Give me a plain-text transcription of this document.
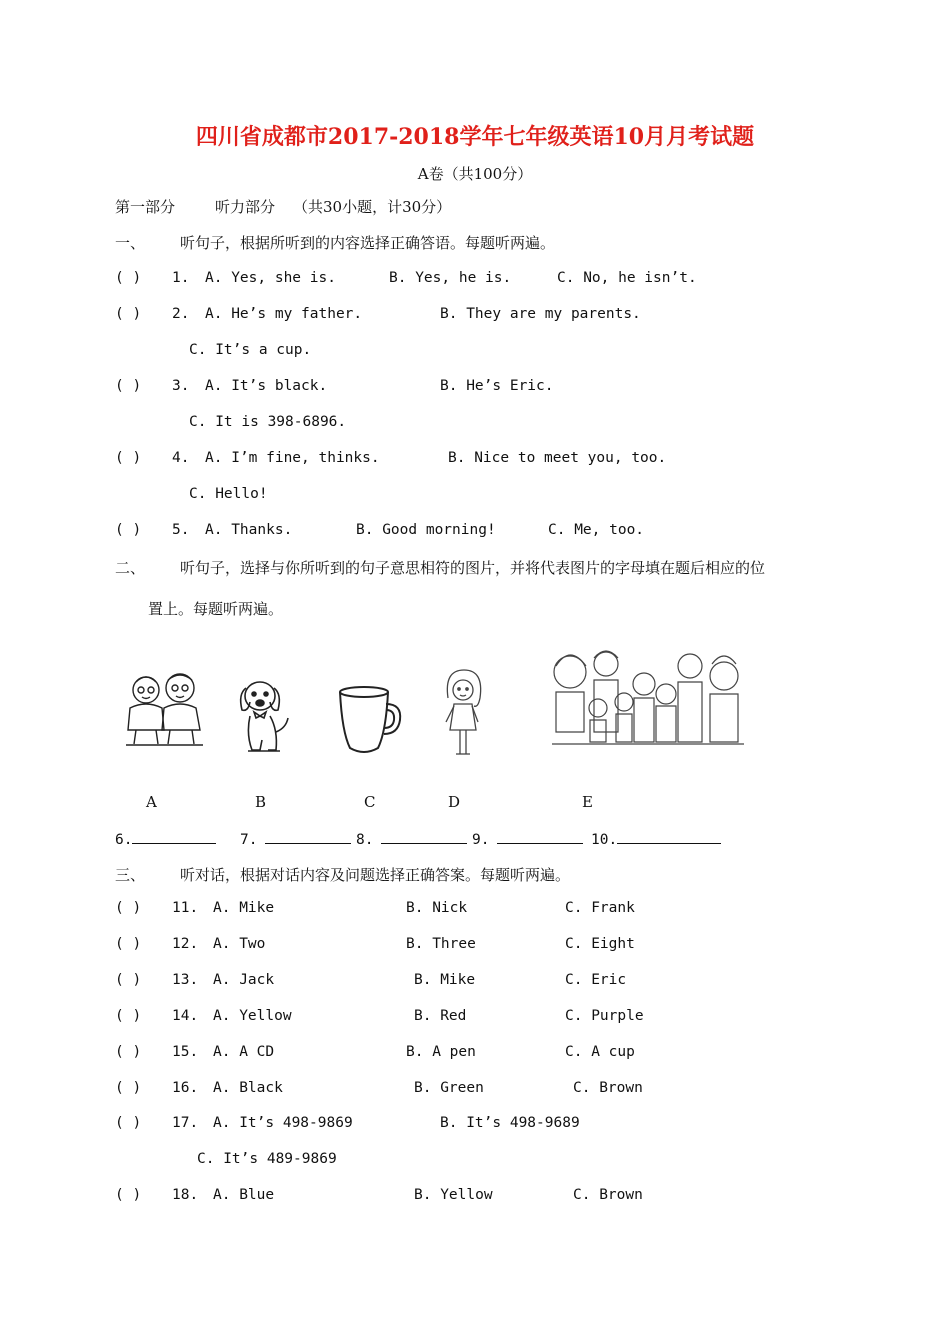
四川省成都市2017-2018学年七年级英语10月月考试题
A卷（共100分）
第一部分	听力部分 （共30小题，计30分）
一、 听句子，根据所听到的内容选择正确答语。每题听两遍。
( ) 1. A. Yes, she is.	B. Yes, he is.	C. No, he isn’t.
( ) 2. A. He’s my father.	B. They are my parents.
C. It’s a cup.
( ) 3. A. It’s black.	B. He’s Eric.
C. It is 398-6896.
( ) 4. A. I’m fine, thinks.	B. Nice to meet you, too.
C. Hello!
( ) 5. A. Thanks.	B. Good morning!	C. Me, too.
二、 听句子，选择与你所听到的句子意思相符的图片，并将代表图片的字母填在题后相应的位
置上。每题听两遍。
A	B	C	D	E
6.	7.	8.	9.	10.
三、 听对话，根据对话内容及问题选择正确答案。每题听两遍。
( ) 11. A. Mike	B. Nick	C. Frank
( ) 12. A. Two	B. Three	C. Eight
( ) 13. A. Jack	B. Mike	C. Eric
( ) 14. A. Yellow	B. Red	C. Purple
( ) 15. A. A CD	B. A pen	C. A cup
( ) 16. A. Black	B. Green	C. Brown
( ) 17. A. It’s 498-9869	B. It’s 498-9689
C. It’s 489-9869
( ) 18. A. Blue	B. Yellow	C. Brown
